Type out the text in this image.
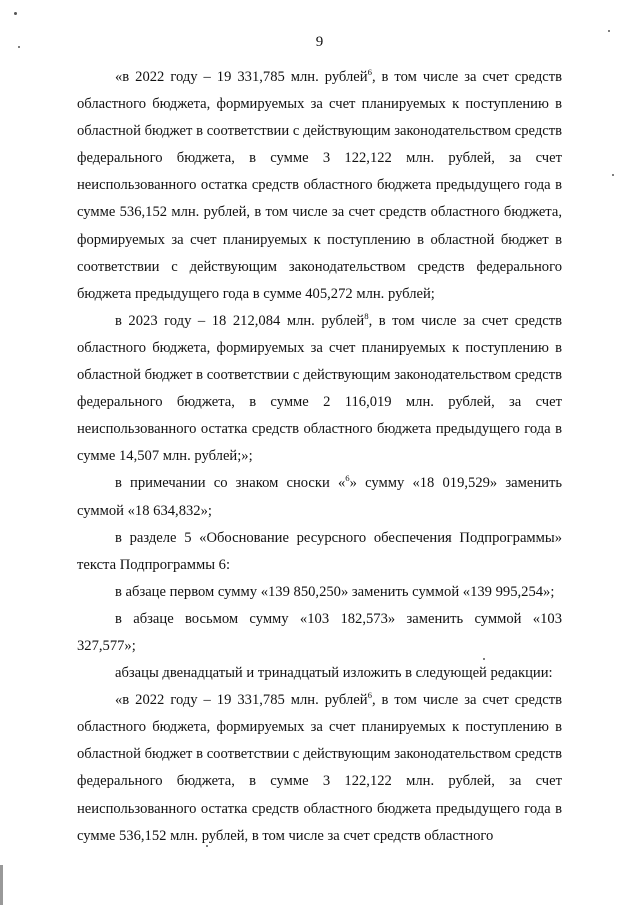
9

«в 2022 году – 19 331,785 млн. рублей$^6$, в том числе за счет средств областного бюджета, формируемых за счет планируемых к поступлению в областной бюджет в соответствии с действующим законодательством средств федерального бюджета, в сумме 3 122,122 млн. рублей, за счет неиспользованного остатка средств областного бюджета предыдущего года в сумме 536,152 млн. рублей, в том числе за счет средств областного бюджета, формируемых за счет планируемых к поступлению в областной бюджет в соответствии с действующим законодательством средств федерального бюджета предыдущего года в сумме 405,272 млн. рублей;

в 2023 году – 18 212,084 млн. рублей$^8$, в том числе за счет средств областного бюджета, формируемых за счет планируемых к поступлению в областной бюджет в соответствии с действующим законодательством средств федерального бюджета, в сумме 2 116,019 млн. рублей, за счет неиспользованного остатка средств областного бюджета предыдущего года в сумме 14,507 млн. рублей;»;

в примечании со знаком сноски «$^6$» сумму «18 019,529» заменить суммой «18 634,832»;

в разделе 5 «Обоснование ресурсного обеспечения Подпрограммы» текста Подпрограммы 6:

в абзаце первом сумму «139 850,250» заменить суммой «139 995,254»;

в абзаце восьмом сумму «103 182,573» заменить суммой «103 327,577»;

абзацы двенадцатый и тринадцатый изложить в следующей редакции:

«в 2022 году – 19 331,785 млн. рублей$^6$, в том числе за счет средств областного бюджета, формируемых за счет планируемых к поступлению в областной бюджет в соответствии с действующим законодательством средств федерального бюджета, в сумме 3 122,122 млн. рублей, за счет неиспользованного остатка средств областного бюджета предыдущего года в сумме 536,152 млн. рублей, в том числе за счет средств областного
